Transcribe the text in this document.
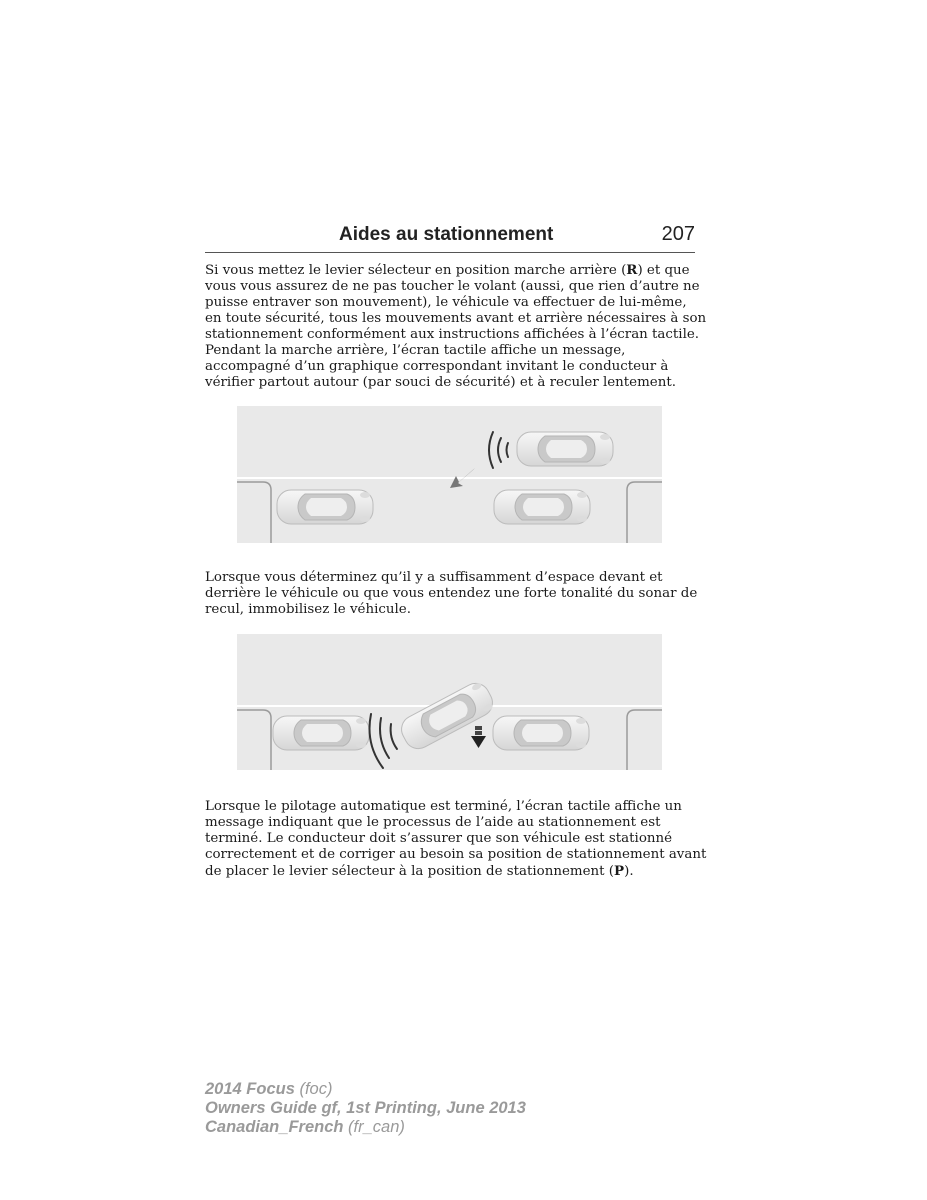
Aides au stationnement	207

Si vous mettez le levier sélecteur en position marche arrière (R) et que
vous vous assurez de ne pas toucher le volant (aussi, que rien d’autre ne
puisse entraver son mouvement), le véhicule va effectuer de lui-même,
en toute sécurité, tous les mouvements avant et arrière nécessaires à son
stationnement conformément aux instructions affichées à l’écran tactile.
Pendant la marche arrière, l’écran tactile affiche un message,
accompagné d’un graphique correspondant invitant le conducteur à
vérifier partout autour (par souci de sécurité) et à reculer lentement.

Lorsque vous déterminez qu’il y a suffisamment d’espace devant et
derrière le véhicule ou que vous entendez une forte tonalité du sonar de
recul, immobilisez le véhicule.

Lorsque le pilotage automatique est terminé, l’écran tactile affiche un
message indiquant que le processus de l’aide au stationnement est
terminé. Le conducteur doit s’assurer que son véhicule est stationné
correctement et de corriger au besoin sa position de stationnement avant
de placer le levier sélecteur à la position de stationnement (P).

2014 Focus (foc)
Owners Guide gf, 1st Printing, June 2013
Canadian_French (fr_can)
